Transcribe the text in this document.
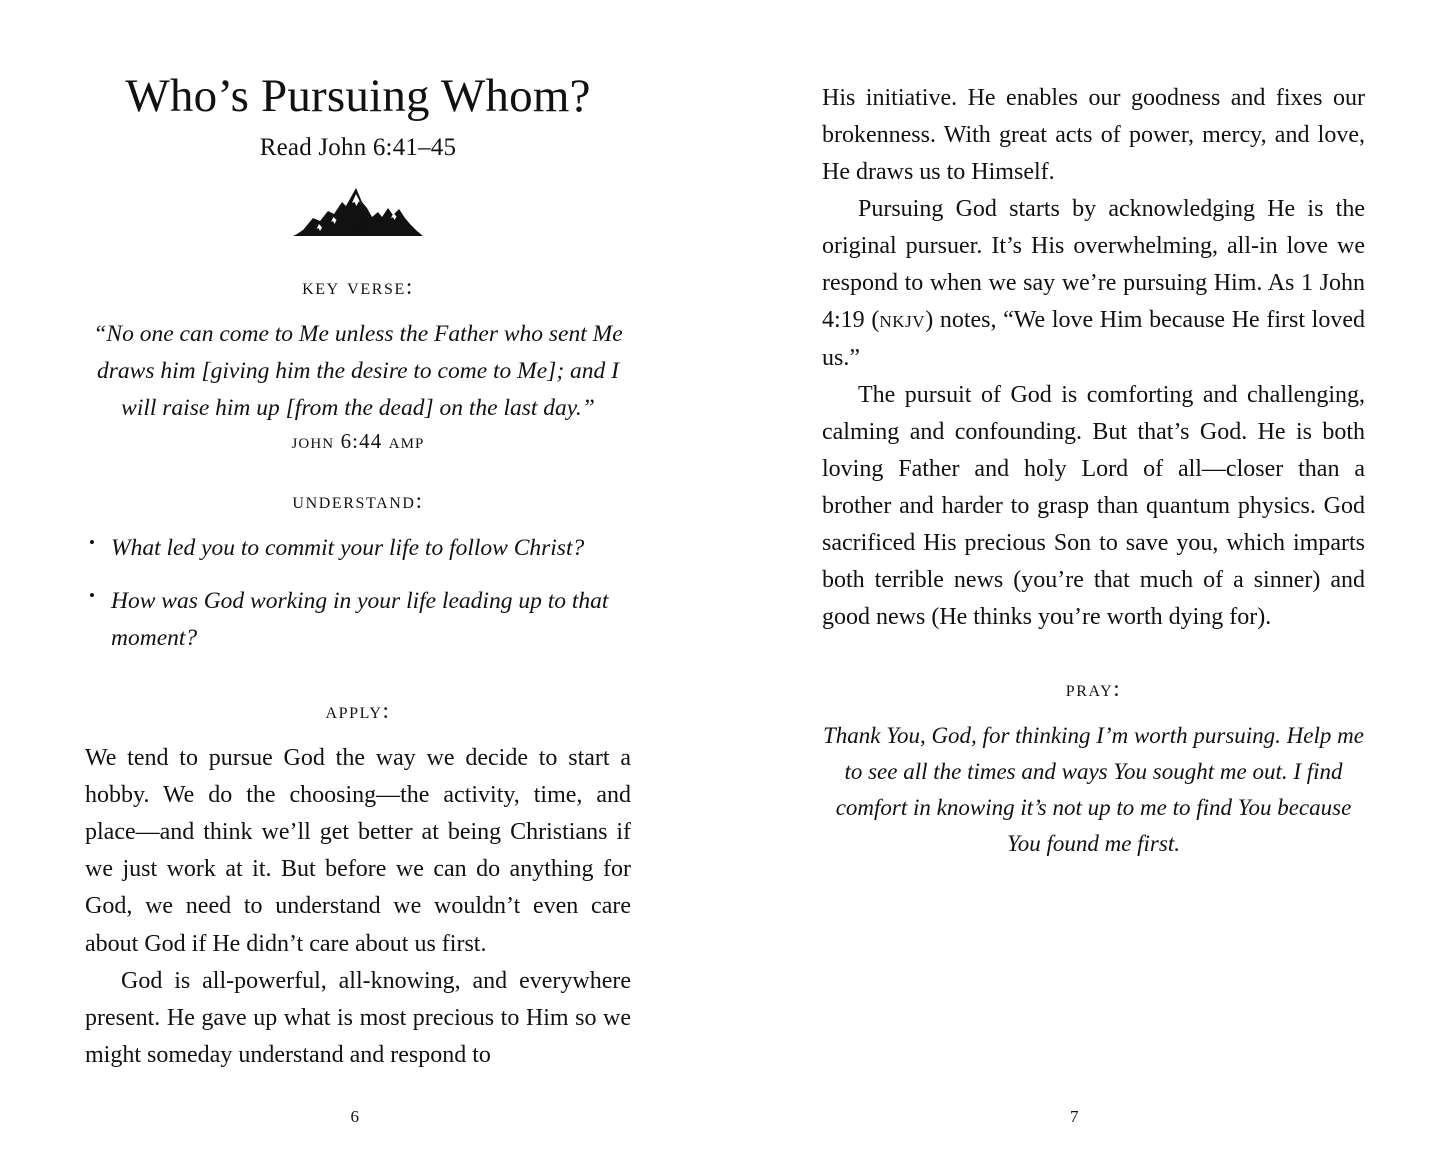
Who’s Pursuing Whom?
Read John 6:41–45
key verse:

“No one can come to Me unless the Father who sent Me draws him [giving him the desire to come to Me]; and I will raise him up [from the dead] on the last day.”

john 6:44 amp
understand:
• What led you to commit your life to follow Christ?
• How was God working in your life leading up to that moment?
apply:

We tend to pursue God the way we decide to start a hobby. We do the choosing—the activity, time, and place—and think we’ll get better at being Christians if we just work at it. But before we can do anything for God, we need to understand we wouldn’t even care about God if He didn’t care about us first.

God is all-powerful, all-knowing, and everywhere present. He gave up what is most precious to Him so we might someday understand and respond to

6

His initiative. He enables our goodness and fixes our brokenness. With great acts of power, mercy, and love, He draws us to Himself.

Pursuing God starts by acknowledging He is the original pursuer. It’s His overwhelming, all-in love we respond to when we say we’re pursuing Him. As 1 John 4:19 (nkjv) notes, “We love Him because He first loved us.”

The pursuit of God is comforting and challenging, calming and confounding. But that’s God. He is both loving Father and holy Lord of all—closer than a brother and harder to grasp than quantum physics. God sacrificed His precious Son to save you, which imparts both terrible news (you’re that much of a sinner) and good news (He thinks you’re worth dying for).

pray:

Thank You, God, for thinking I’m worth pursuing. Help me to see all the times and ways You sought me out. I find comfort in knowing it’s not up to me to find You because You found me first.

7
